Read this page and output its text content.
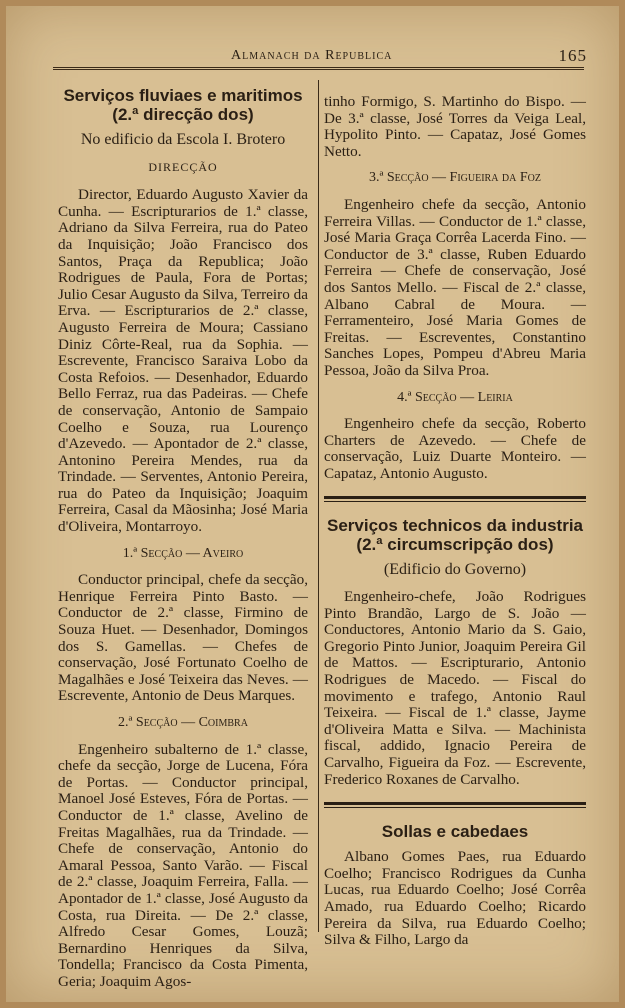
Almanach da Republica	165
Serviços fluviaes e maritimos
(2.ª direcção dos)
No edificio da Escola I. Brotero
DIRECÇÃO

Director, Eduardo Augusto Xavier da Cunha. — Escripturarios de 1.ª classe, Adriano da Silva Ferreira, rua do Pateo da Inquisição; João Francisco dos Santos, Praça da Republica; João Rodrigues de Paula, Fora de Portas; Julio Cesar Augusto da Silva, Terreiro da Erva. — Escripturarios de 2.ª classe, Augusto Ferreira de Moura; Cassiano Diniz Côrte-Real, rua da Sophia. — Escrevente, Francisco Saraiva Lobo da Costa Refoios. — Desenhador, Eduardo Bello Ferraz, rua das Padeiras. — Chefe de conservação, Antonio de Sampaio Coelho e Souza, rua Lourenço d'Azevedo. — Apontador de 2.ª classe, Antonino Pereira Mendes, rua da Trindade. — Serventes, Antonio Pereira, rua do Pateo da Inquisição; Joaquim Ferreira, Casal da Mãosinha; José Maria d'Oliveira, Montarroyo.

1.ª Secção — Aveiro

Conductor principal, chefe da secção, Henrique Ferreira Pinto Basto. — Conductor de 2.ª classe, Firmino de Souza Huet. — Desenhador, Domingos dos S. Gamellas. — Chefes de conservação, José Fortunato Coelho de Magalhães e José Teixeira das Neves. — Escrevente, Antonio de Deus Marques.

2.ª Secção — Coimbra

Engenheiro subalterno de 1.ª classe, chefe da secção, Jorge de Lucena, Fóra de Portas. — Conductor principal, Manoel José Esteves, Fóra de Portas. — Conductor de 1.ª classe, Avelino de Freitas Magalhães, rua da Trindade. — Chefe de conservação, Antonio do Amaral Pessoa, Santo Varão. — Fiscal de 2.ª classe, Joaquim Ferreira, Falla. — Apontador de 1.ª classe, José Augusto da Costa, rua Direita. — De 2.ª classe, Alfredo Cesar Gomes, Louzã; Bernardino Henriques da Silva, Tondella; Francisco da Costa Pimenta, Geria; Joaquim Agos-

tinho Formigo, S. Martinho do Bispo. — De 3.ª classe, José Torres da Veiga Leal, Hypolito Pinto. — Capataz, José Gomes Netto.

3.ª Secção — Figueira da Foz

Engenheiro chefe da secção, Antonio Ferreira Villas. — Conductor de 1.ª classe, José Maria Graça Corrêa Lacerda Fino. — Conductor de 3.ª classe, Ruben Eduardo Ferreira — Chefe de conservação, José dos Santos Mello. — Fiscal de 2.ª classe, Albano Cabral de Moura. — Ferramenteiro, José Maria Gomes de Freitas. — Escreventes, Constantino Sanches Lopes, Pompeu d'Abreu Maria Pessoa, João da Silva Proa.

4.ª Secção — Leiria

Engenheiro chefe da secção, Roberto Charters de Azevedo. — Chefe de conservação, Luiz Duarte Monteiro. — Capataz, Antonio Augusto.

Serviços technicos da industria
(2.ª circumscripção dos)
(Edificio do Governo)

Engenheiro-chefe, João Rodrigues Pinto Brandão, Largo de S. João — Conductores, Antonio Mario da S. Gaio, Gregorio Pinto Junior, Joaquim Pereira Gil de Mattos. — Escripturario, Antonio Rodrigues de Macedo. — Fiscal do movimento e trafego, Antonio Raul Teixeira. — Fiscal de 1.ª classe, Jayme d'Oliveira Matta e Silva. — Machinista fiscal, addido, Ignacio Pereira de Carvalho, Figueira da Foz. — Escrevente, Frederico Roxanes de Carvalho.

Sollas e cabedaes

Albano Gomes Paes, rua Eduardo Coelho; Francisco Rodrigues da Cunha Lucas, rua Eduardo Coelho; José Corrêa Amado, rua Eduardo Coelho; Ricardo Pereira da Silva, rua Eduardo Coelho; Silva & Filho, Largo da
